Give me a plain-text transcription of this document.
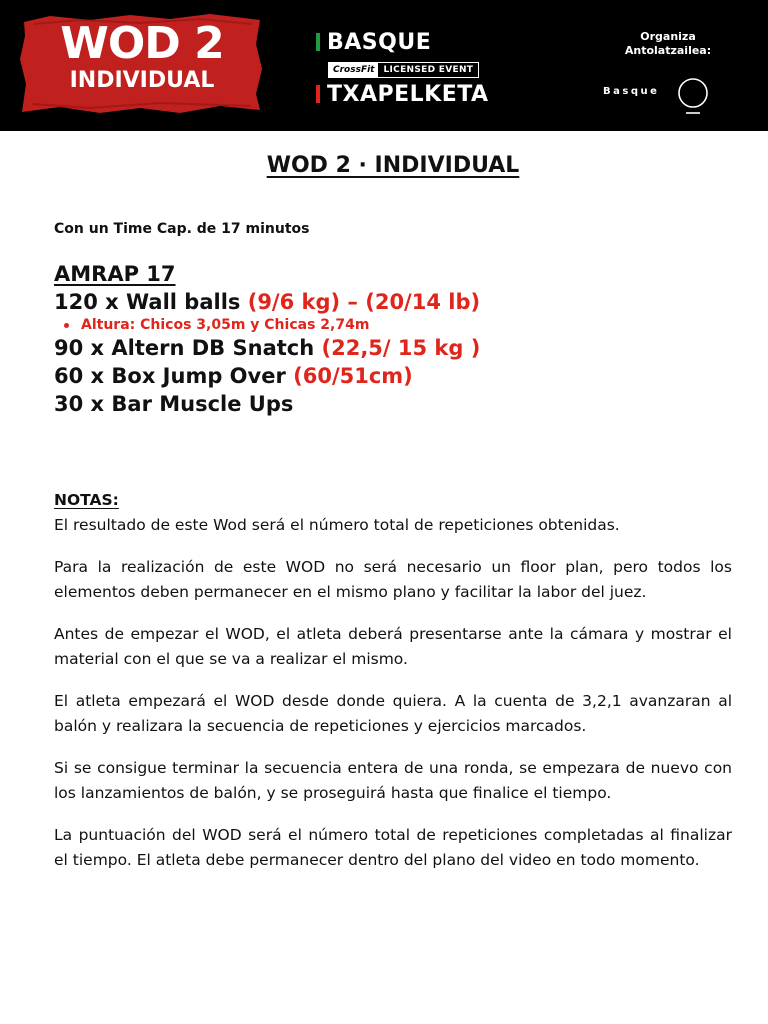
WOD 2
INDIVIDUAL
BASQUE
CrossFit	LICENSED EVENT
TXAPELKETA
Organiza
Antolatzailea:
Basque
WOD 2 · INDIVIDUAL
Con un Time Cap. de 17 minutos
AMRAP 17
120 x Wall balls (9/6 kg) – (20/14 lb)
Altura: Chicos 3,05m y Chicas 2,74m
90 x Altern DB Snatch (22,5/ 15 kg )
60 x Box Jump Over (60/51cm)
30 x Bar Muscle Ups
NOTAS:
El resultado de este Wod será el número total de repeticiones obtenidas.
Para la realización de este WOD no será necesario un floor plan, pero todos los elementos deben permanecer en el mismo plano y facilitar la labor del juez.
Antes de empezar el WOD, el atleta deberá presentarse ante la cámara y mostrar el material con el que se va a realizar el mismo.
El atleta empezará el WOD desde donde quiera. A la cuenta de 3,2,1 avanzaran al balón y realizara la secuencia de repeticiones y ejercicios marcados.
Si se consigue terminar la secuencia entera de una ronda, se empezara de nuevo con los lanzamientos de balón, y se proseguirá hasta que finalice el tiempo.
La puntuación del WOD será el número total de repeticiones completadas al finalizar el tiempo. El atleta debe permanecer dentro del plano del video en todo momento.
